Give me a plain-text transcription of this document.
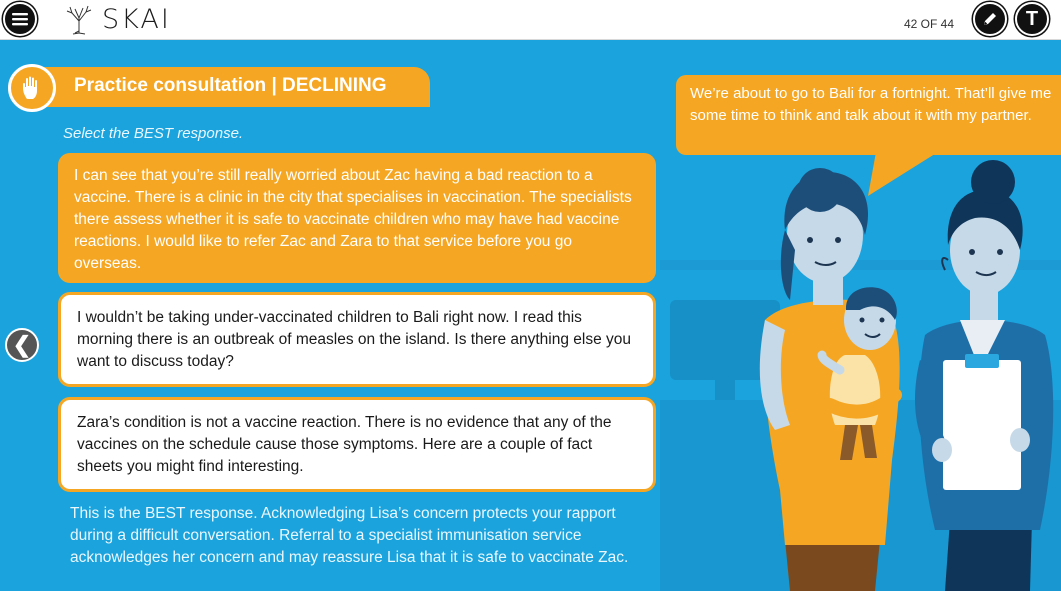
SKAI	42 OF 44	T
Practice consultation | DECLINING
Select the BEST response.
I can see that you’re still really worried about Zac having a bad reaction to a vaccine. There is a clinic in the city that specialises in vaccination. The specialists there assess whether it is safe to vaccinate children who may have had vaccine reactions. I would like to refer Zac and Zara to that service before you go overseas.
I wouldn’t be taking under-vaccinated children to Bali right now. I read this morning there is an outbreak of measles on the island. Is there anything else you want to discuss today?
Zara’s condition is not a vaccine reaction. There is no evidence that any of the vaccines on the schedule cause those symptoms. Here are a couple of fact sheets you might find interesting.
This is the BEST response. Acknowledging Lisa’s concern protects your rapport during a difficult conversation. Referral to a specialist immunisation service acknowledges her concern and may reassure Lisa that it is safe to vaccinate Zac.
❮
We’re about to go to Bali for a fortnight. That’ll give me some time to think and talk about it with my partner.
